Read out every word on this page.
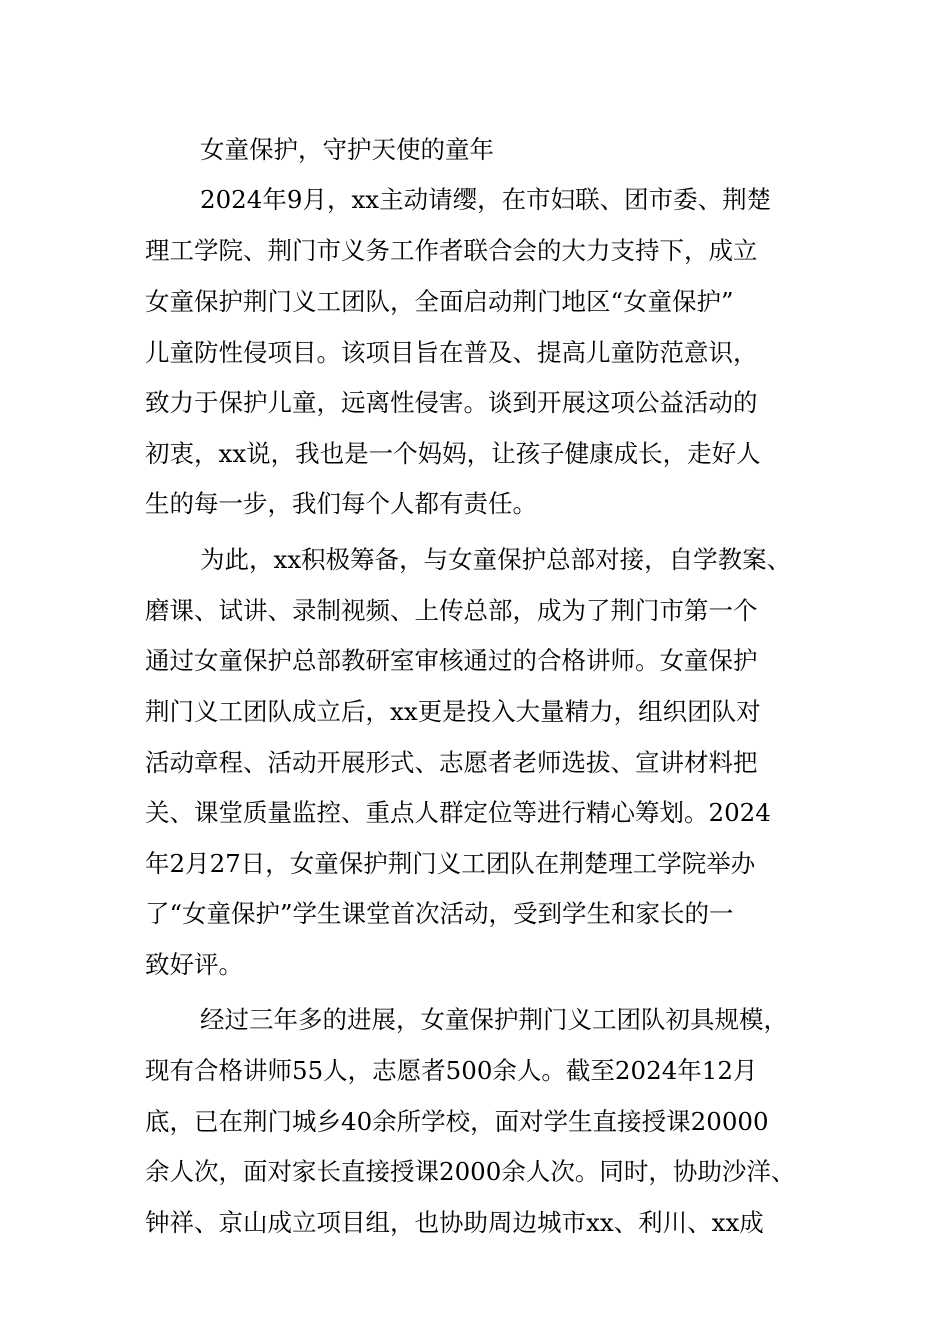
女童保护，守护天使的童年
2024年9月，xx主动请缨，在市妇联、团市委、荆楚
理工学院、荆门市义务工作者联合会的大力支持下，成立
女童保护荆门义工团队，全面启动荆门地区“女童保护”
儿童防性侵项目。该项目旨在普及、提高儿童防范意识，
致力于保护儿童，远离性侵害。谈到开展这项公益活动的
初衷，xx说，我也是一个妈妈，让孩子健康成长，走好人
生的每一步，我们每个人都有责任。
为此，xx积极筹备，与女童保护总部对接，自学教案、
磨课、试讲、录制视频、上传总部，成为了荆门市第一个
通过女童保护总部教研室审核通过的合格讲师。女童保护
荆门义工团队成立后，xx更是投入大量精力，组织团队对
活动章程、活动开展形式、志愿者老师选拔、宣讲材料把
关、课堂质量监控、重点人群定位等进行精心筹划。2024
年2月27日，女童保护荆门义工团队在荆楚理工学院举办
了“女童保护”学生课堂首次活动，受到学生和家长的一
致好评。
经过三年多的进展，女童保护荆门义工团队初具规模，
现有合格讲师55人，志愿者500余人。截至2024年12月
底，已在荆门城乡40余所学校，面对学生直接授课20000
余人次，面对家长直接授课2000余人次。同时，协助沙洋、
钟祥、京山成立项目组，也协助周边城市xx、利川、xx成
